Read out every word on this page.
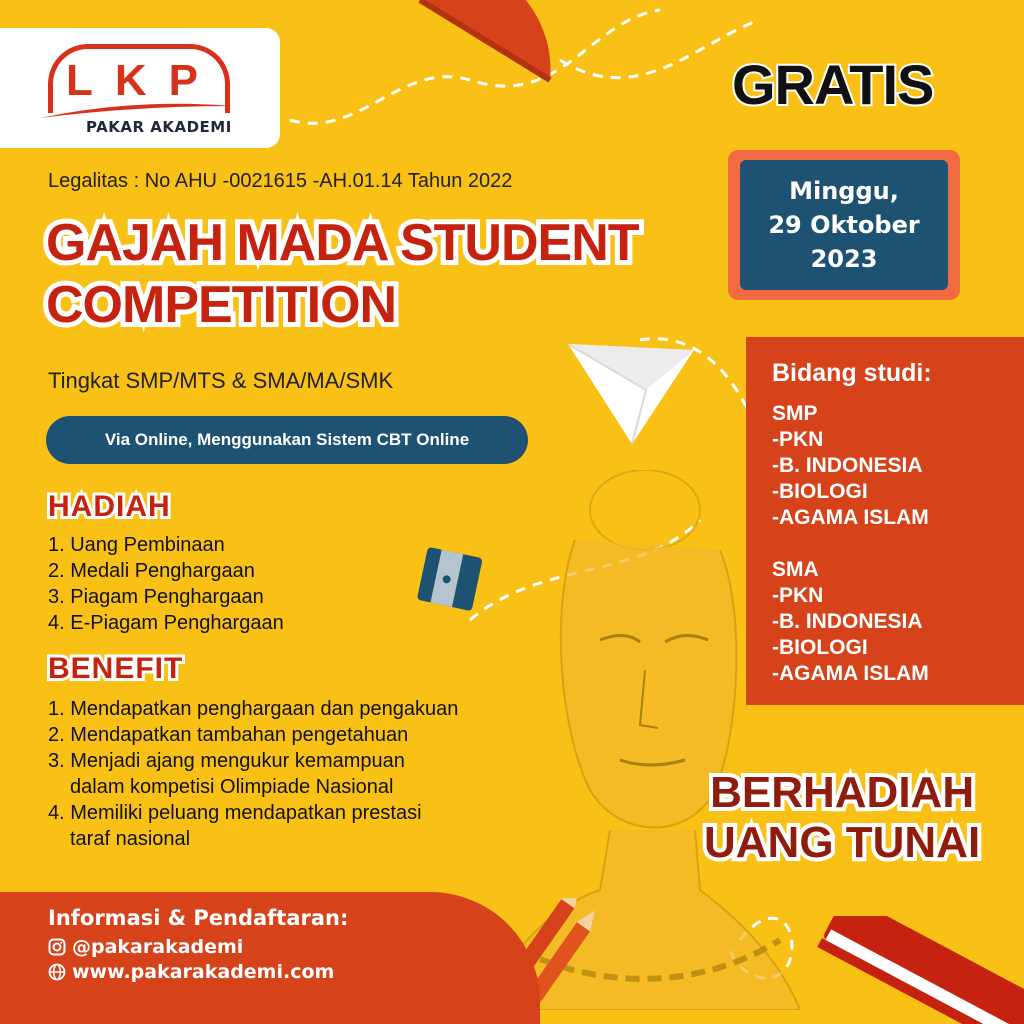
LKP
PAKAR AKADEMI
GRATIS
Legalitas : No AHU -0021615 -AH.01.14 Tahun 2022
GAJAH MADA STUDENT
COMPETITION
Tingkat SMP/MTS & SMA/MA/SMK
Via Online, Menggunakan Sistem CBT Online
Minggu,
29 Oktober
2023
HADIAH
1. Uang Pembinaan
2. Medali Penghargaan
3. Piagam Penghargaan
4. E-Piagam Penghargaan
BENEFIT
1. Mendapatkan penghargaan dan pengakuan
2. Mendapatkan tambahan pengetahuan
3. Menjadi ajang mengukur kemampuan
dalam kompetisi Olimpiade Nasional
4. Memiliki peluang mendapatkan prestasi
taraf nasional
Bidang studi:
SMP
-PKN
-B. INDONESIA
-BIOLOGI
-AGAMA ISLAM
SMA
-PKN
-B. INDONESIA
-BIOLOGI
-AGAMA ISLAM
BERHADIAH
UANG TUNAI
Informasi & Pendaftaran:
@pakarakademi
www.pakarakademi.com
